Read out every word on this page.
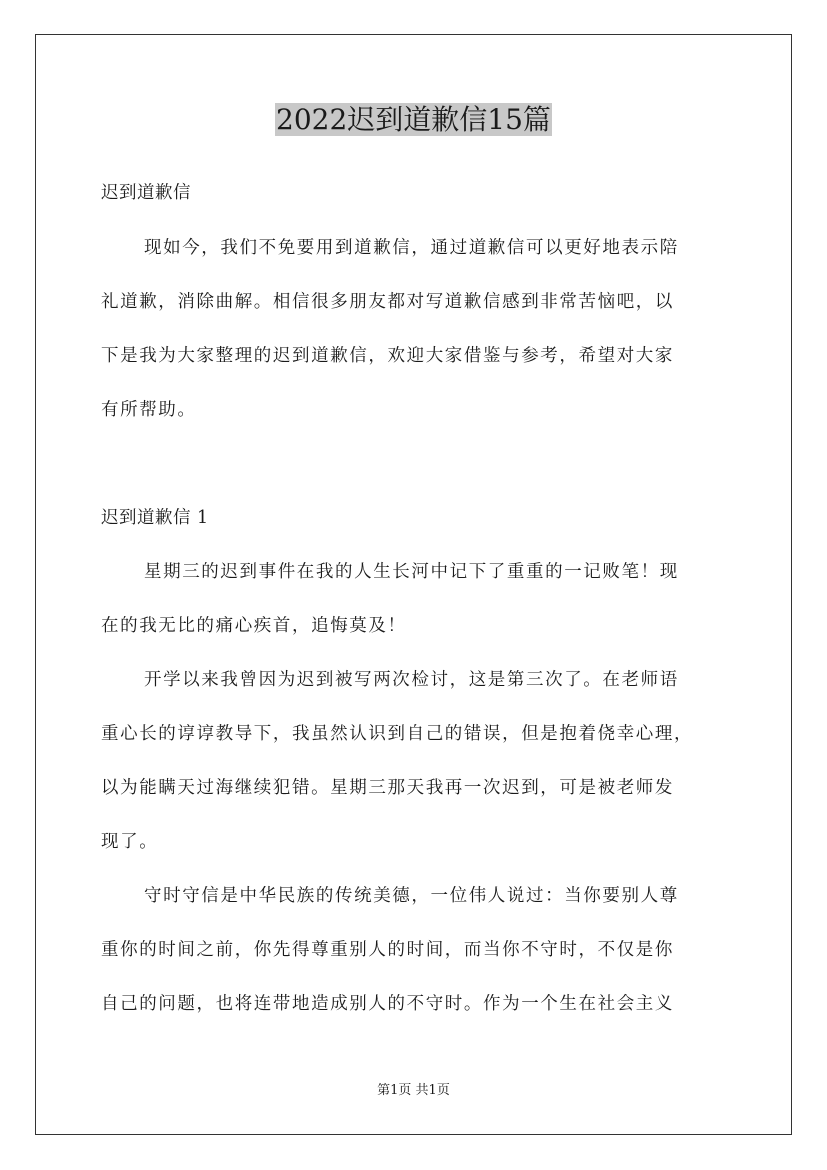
2022迟到道歉信15篇
迟到道歉信
现如今，我们不免要用到道歉信，通过道歉信可以更好地表示陪
礼道歉，消除曲解。相信很多朋友都对写道歉信感到非常苦恼吧，以
下是我为大家整理的迟到道歉信，欢迎大家借鉴与参考，希望对大家
有所帮助。
迟到道歉信 1
星期三的迟到事件在我的人生长河中记下了重重的一记败笔！现
在的我无比的痛心疾首，追悔莫及！
开学以来我曾因为迟到被写两次检讨，这是第三次了。在老师语
重心长的谆谆教导下，我虽然认识到自己的错误，但是抱着侥幸心理，
以为能瞒天过海继续犯错。星期三那天我再一次迟到，可是被老师发
现了。
守时守信是中华民族的传统美德，一位伟人说过：当你要别人尊
重你的时间之前，你先得尊重别人的时间，而当你不守时，不仅是你
自己的问题，也将连带地造成别人的不守时。作为一个生在社会主义
第1页 共1页
